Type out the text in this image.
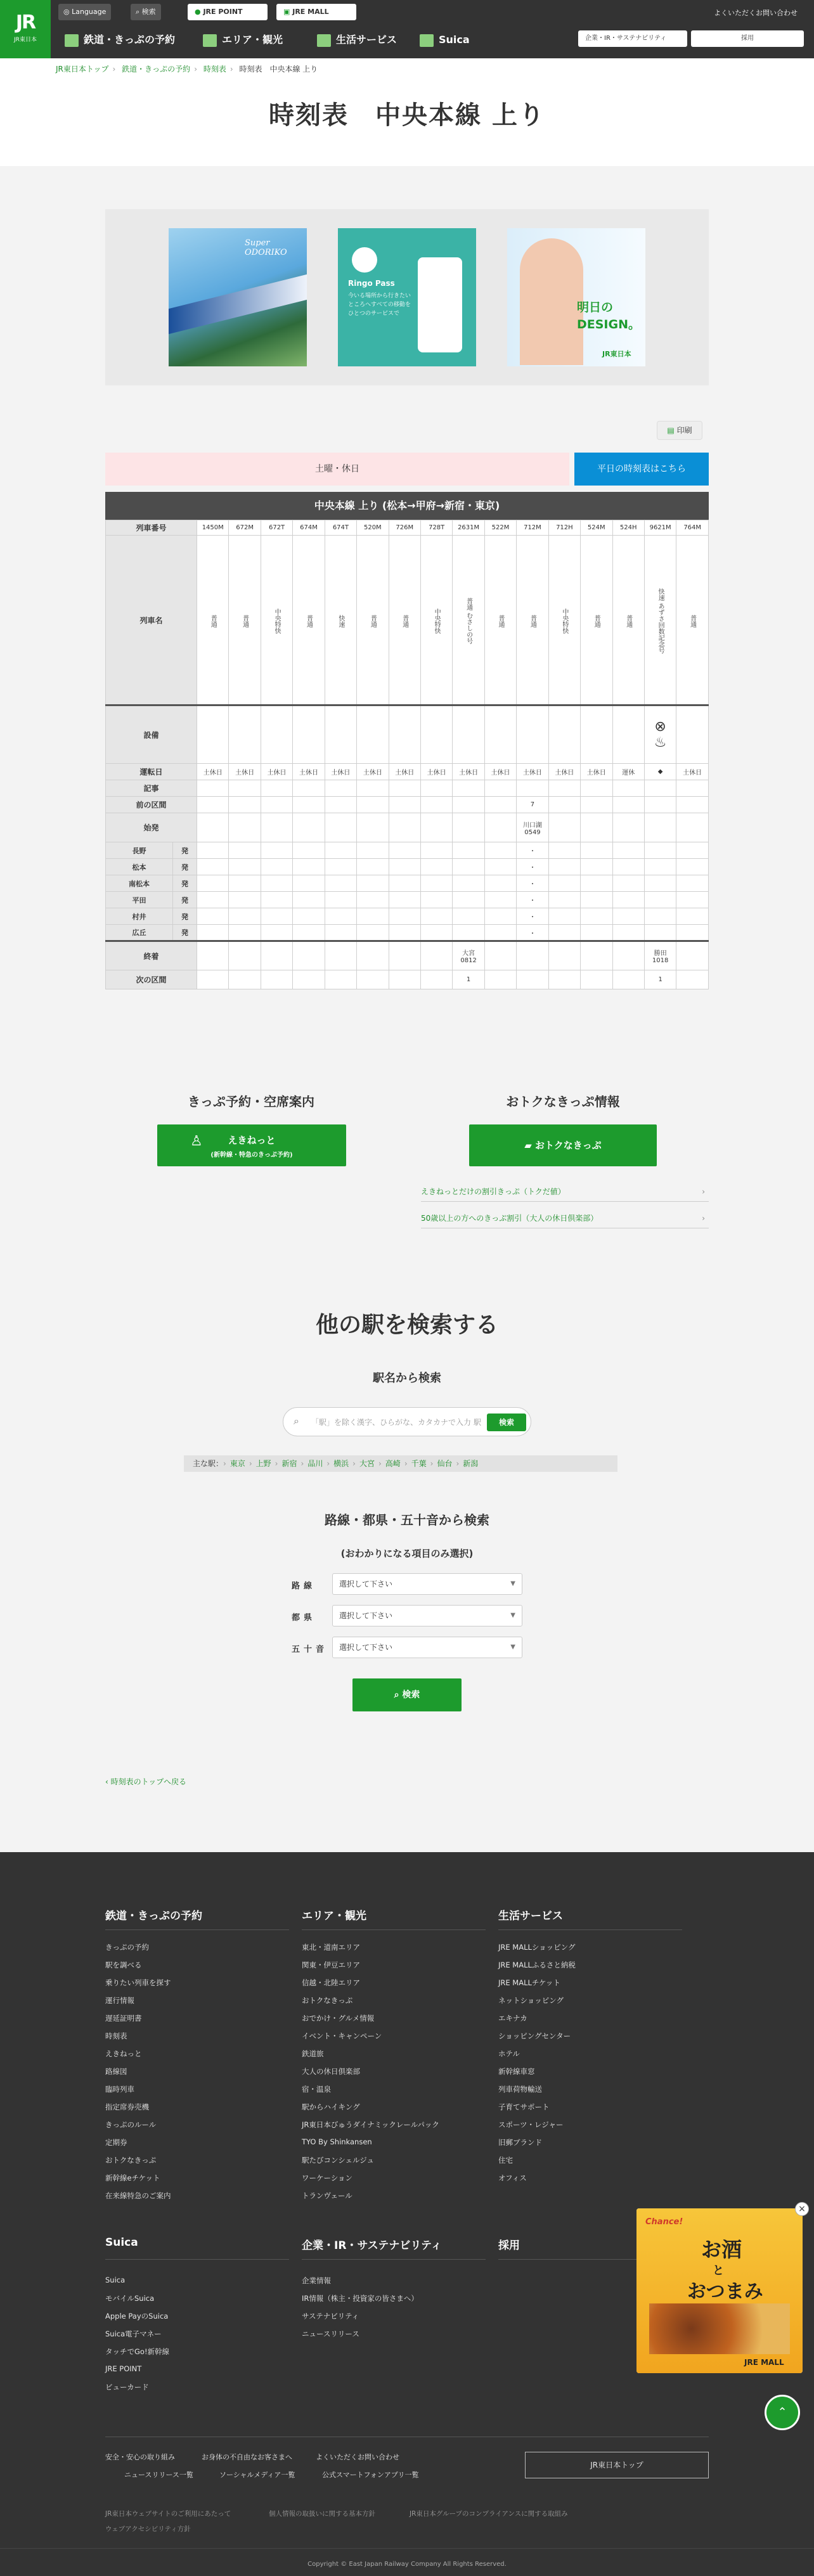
JR
JR東日本
◎ Language	⌕ 検索	● JRE POINT	▣ JRE MALL	よくいただくお問い合わせ
鉄道・きっぷの予約	エリア・観光	生活サービス	Suica	企業・IR・サステナビリティ	採用
JR東日本トップ › 鉄道・きっぷの予約 › 時刻表 › 時刻表　中央本線 上り
時刻表　中央本線 上り
Super ODORIKO
Ringo Pass
今いる場所から行きたいところへすべての移動をひとつのサービスで	明日のDESIGN。
JR東日本
▤ 印刷
土曜・休日	平日の時刻表はこちら
中央本線 上り (松本→甲府→新宿・東京)
列車番号		1450M	672M	672T	674M	674T	520M	726M	728T	2631M	522M	712M	712H	524M	524H	9621M	764M
列車名		普通	普通	中央特快	普通	快速	普通	普通	中央特快	普通 むさしの号	普通	普通	中央特快	普通	普通	快速 あずさ回数記念号	普通
設備																⊗
♨	

運転日		土休日	土休日	土休日	土休日	土休日	土休日	土休日	土休日	土休日	土休日	土休日	土休日	土休日	運休	◆	土休日
記事																	
前の区間												7					
始発												川口湖
0549					
長野	発											・					
松本	発											・					
南松本	発											・					
平田	発											・					
村井	発											・					
広丘	発											・					
終着										大宮
0812						勝田
1018	
次の区間										1						1	
きっぷ予約・空席案内	おトクなきっぷ情報
♙	えきねっと
(新幹線・特急のきっぷ予約)
▰ おトクなきっぷ
えきねっとだけの割引きっぷ（トクだ値）	›
50歳以上の方へのきっぷ割引（大人の休日倶楽部）	›
他の駅を検索する
駅名から検索
⌕ 「駅」を除く漢字、ひらがな、カタカナで入力 駅	検索
主な駅：› 東京 › 上野 › 新宿 › 品川 › 横浜 › 大宮 › 高崎 › 千葉 › 仙台 › 新潟
路線・都県・五十音から検索
(おわかりになる項目のみ選択)
路線	選択して下さい	▼
都県	選択して下さい	▼
五十音	選択して下さい	▼
⌕ 検索
‹ 時刻表のトップへ戻る
鉄道・きっぷの予約
きっぷの予約
駅を調べる
乗りたい列車を探す
運行情報
遅延証明書
時刻表
えきねっと
路線図
臨時列車
指定席券売機
きっぷのルール
定期券
おトクなきっぷ
新幹線eチケット
在来線特急のご案内
エリア・観光
東北・道南エリア
関東・伊豆エリア
信越・北陸エリア
おトクなきっぷ
おでかけ・グルメ情報
イベント・キャンペーン
鉄道旅
大人の休日倶楽部
宿・温泉
駅からハイキング
JR東日本びゅうダイナミックレールパック
TYO By Shinkansen
駅たびコンシェルジュ
ワーケーション
トランヴェール
生活サービス
JRE MALLショッピング
JRE MALLふるさと納税
JRE MALLチケット
ネットショッピング
エキナカ
ショッピングセンター
ホテル
新幹線車窓
列車荷物輸送
子育てサポート
スポーツ・レジャー
旧郵ブランド
住宅
オフィス
Suica
Suica
モバイルSuica
Apple PayのSuica
Suica電子マネー
タッチでGo!新幹線
JRE POINT
ビューカード
企業・IR・サステナビリティ
企業情報
IR情報（株主・投資家の皆さまへ）
サステナビリティ
ニュースリリース
採用
安全・安心の取り組み	お身体の不自由なお客さまへ	よくいただくお問い合わせ
ニュースリリース一覧	ソーシャルメディア一覧	公式スマートフォンアプリ一覧
JR東日本トップ
JR東日本ウェブサイトのご利用にあたって	個人情報の取扱いに関する基本方針	JR東日本グループのコンプライアンスに関する取組み
ウェブアクセシビリティ方針
Copyright © East Japan Railway Company All Rights Reserved.
Chance!
お酒
と
おつまみ
JRE MALL
×
⌃
